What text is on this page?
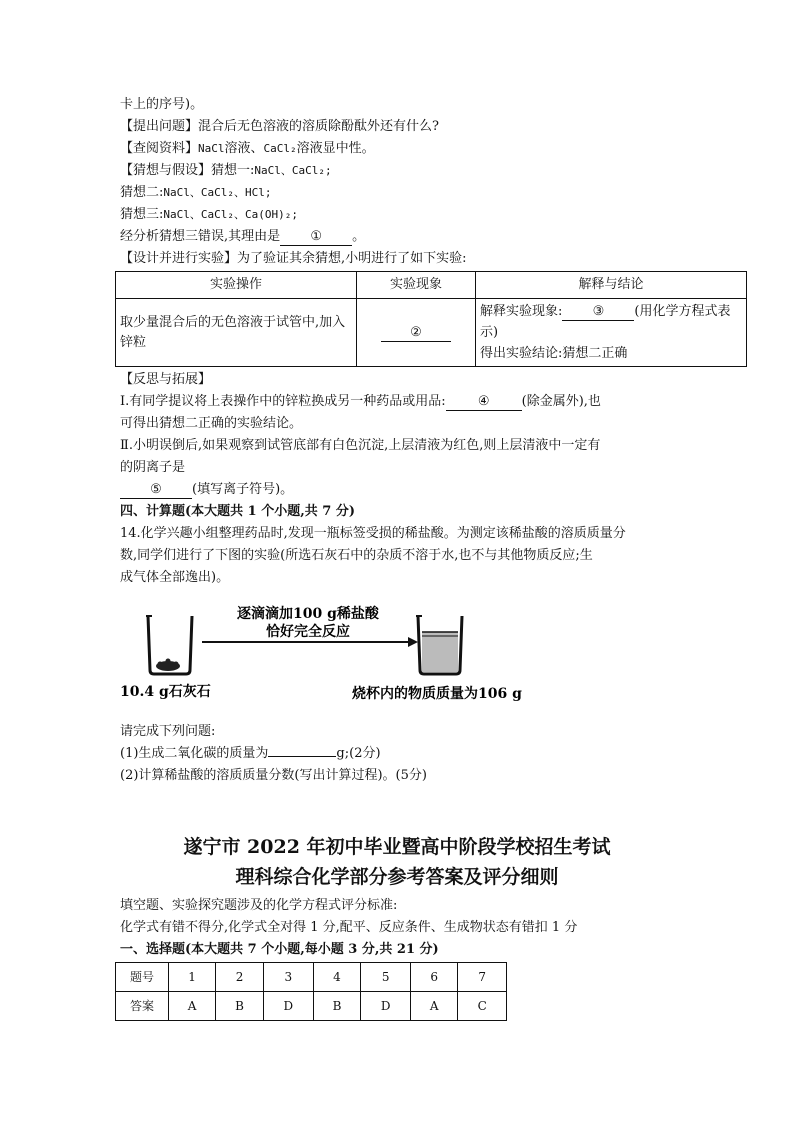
卡上的序号)。
【提出问题】混合后无色溶液的溶质除酚酞外还有什么?
【查阅资料】NaCl溶液、CaCl₂溶液显中性。
【猜想与假设】猜想一:NaCl、CaCl₂;
猜想二:NaCl、CaCl₂、HCl;
猜想三:NaCl、CaCl₂、Ca(OH)₂;
经分析猜想三错误,其理由是 ① 。
【设计并进行实验】为了验证其余猜想,小明进行了如下实验:
实验操作	实验现象	解释与结论
取少量混合后的无色溶液于试管中,加入锌粒	②	解释实验现象: ③ (用化学方程式表示)
得出实验结论:猜想二正确
【反思与拓展】
Ⅰ.有同学提议将上表操作中的锌粒换成另一种药品或用品: ④ (除金属外),也
可得出猜想二正确的实验结论。
Ⅱ.小明误倒后,如果观察到试管底部有白色沉淀,上层清液为红色,则上层清液中一定有
的阴离子是
⑤ (填写离子符号)。
四、计算题(本大题共 1 个小题,共 7 分)
14.化学兴趣小组整理药品时,发现一瓶标签受损的稀盐酸。为测定该稀盐酸的溶质质量分
数,同学们进行了下图的实验(所选石灰石中的杂质不溶于水,也不与其他物质反应;生
成气体全部逸出)。
逐滴滴加100 g稀盐酸
恰好完全反应
10.4 g石灰石	烧杯内的物质质量为106 g
请完成下列问题:
(1)生成二氧化碳的质量为	g;(2分)
(2)计算稀盐酸的溶质质量分数(写出计算过程)。(5分)
遂宁市 2022 年初中毕业暨高中阶段学校招生考试
理科综合化学部分参考答案及评分细则
填空题、实验探究题涉及的化学方程式评分标准:
化学式有错不得分,化学式全对得 1 分,配平、反应条件、生成物状态有错扣 1 分
一、选择题(本大题共 7 个小题,每小题 3 分,共 21 分)
题号	1	2	3	4	5	6	7
答案	A	B	D	B	D	A	C
